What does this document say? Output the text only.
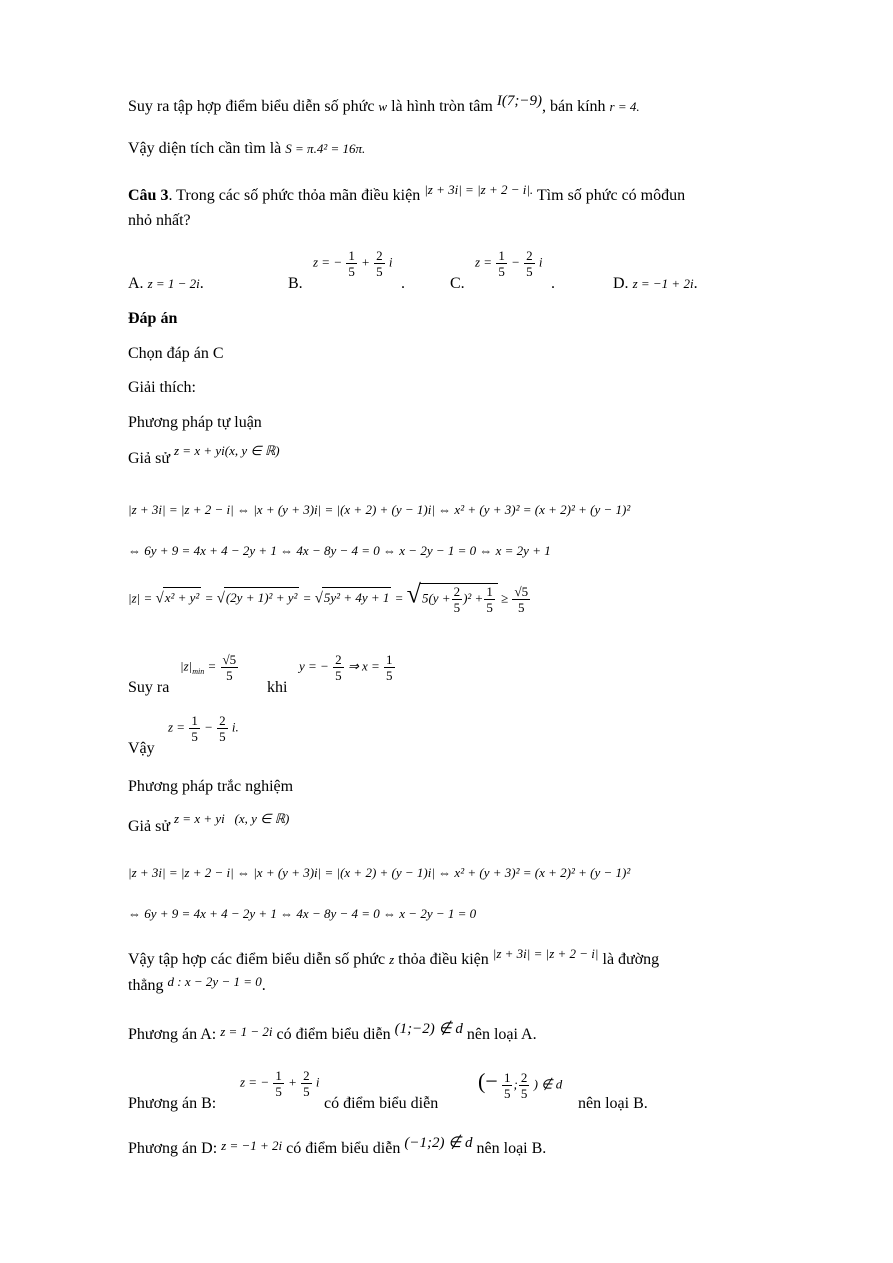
Suy ra tập hợp điểm biểu diễn số phức w là hình tròn tâm I(7;−9), bán kính r = 4.
Vậy diện tích cần tìm là S = π.4² = 16π.
Câu 3. Trong các số phức thỏa mãn điều kiện $^{|z + 3i| = |z + 2 - i|.}$ Tìm số phức có môđun
nhỏ nhất?
A. z = 1 − 2i.	B.
z = − $\frac{1}{5} + \frac{2}{5}$ i
.	C.
$z = \frac{1}{5} - \frac{2}{5}$ i
.	D. z = −1 + 2i.
Đáp án
Chọn đáp án C
Giải thích:
Phương pháp tự luận
Giả sử $^{z = x + yi(x, y \in ℝ)}$
|z + 3i| = |z + 2 − i| ⇔ |x + (y + 3)i| = |(x + 2) + (y − 1)i| ⇔ x² + (y + 3)² = (x + 2)² + (y − 1)²
⇔ 6y + 9 = 4x + 4 − 2y + 1 ⇔ 4x − 8y − 4 = 0 ⇔ x − 2y − 1 = 0 ⇔ x = 2y + 1
$|z| = √x^2 + y^2 = √(2y + 1)^2 + y^2 = √5y^2 + 4y + 1 = √5(y + \frac{2}{5} )^2 + \frac{1}{5} \ge \frac{√5}{5}$
Suy ra
$|z|_{min} = \frac{√5}{5}$
khi
y = − $\frac{2}{5}$ ⇒ $x = \frac{1}{5}$
Vậy
$z = \frac{1}{5} - \frac{2}{5} i$.
Phương pháp trắc nghiệm
Giả sử $^{z = x + yi (x, y \in ℝ)}$
|z + 3i| = |z + 2 − i| ⇔ |x + (y + 3)i| = |(x + 2) + (y − 1)i| ⇔ x² + (y + 3)² = (x + 2)² + (y − 1)²
⇔ 6y + 9 = 4x + 4 − 2y + 1 ⇔ 4x − 8y − 4 = 0 ⇔ x − 2y − 1 = 0
Vậy tập hợp các điểm biểu diễn số phức z thỏa điều kiện $^{|z + 3i| = |z + 2 - i|}$ là đường
thẳng $^{d : x - 2y - 1 = 0}$.
Phương án A: z = 1 − 2i có điểm biểu diễn (1;−2) ∉ d nên loại A.
Phương án B:
z = − $\frac{1}{5} + \frac{2}{5}$ i
có điểm biểu diễn
(− $\frac{1}{5}$ ; $\frac{2}{5}$ ) ∉ d
nên loại B.
Phương án D: z = −1 + 2i có điểm biểu diễn (−1;2) ∉ d nên loại B.
